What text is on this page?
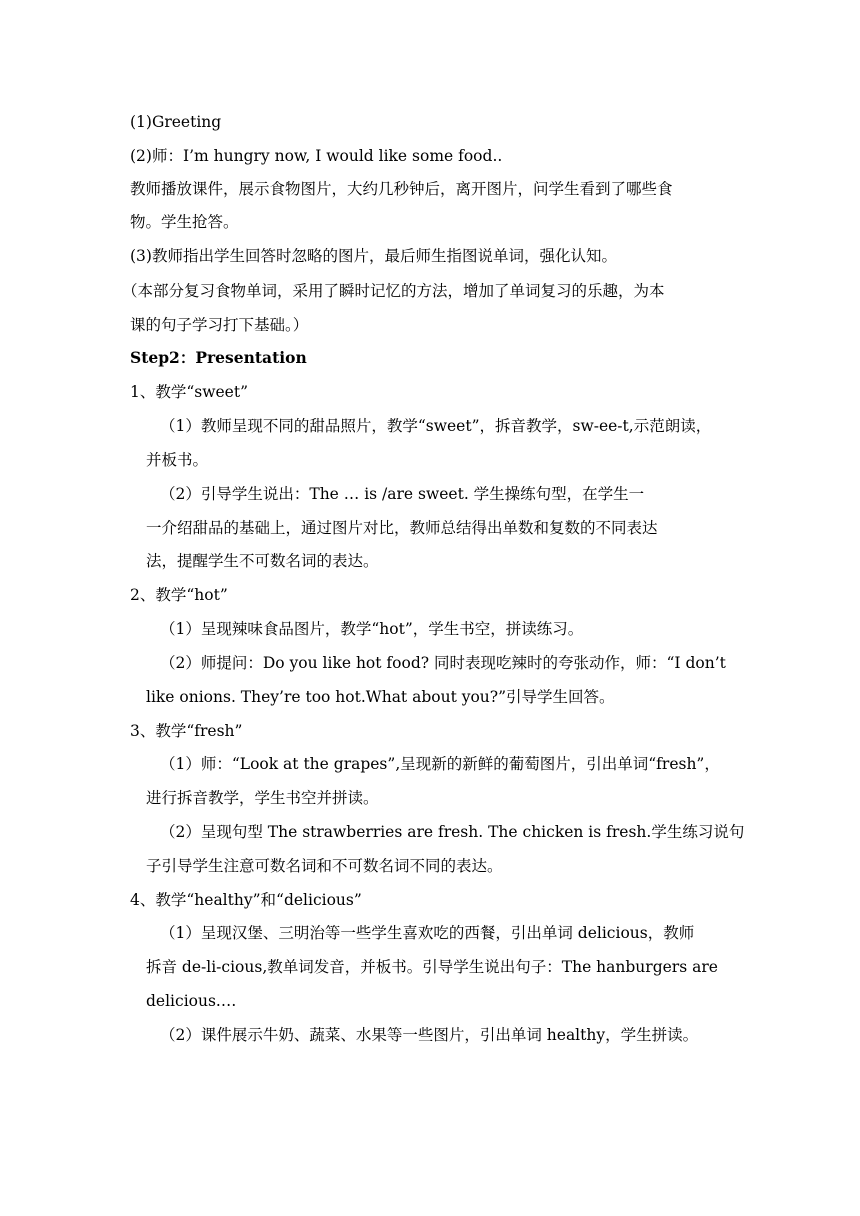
(1)Greeting
(2)师：I’m hungry now, I would like some food..
教师播放课件，展示食物图片，大约几秒钟后，离开图片，问学生看到了哪些食
物。学生抢答。
(3)教师指出学生回答时忽略的图片，最后师生指图说单词，强化认知。
（本部分复习食物单词，采用了瞬时记忆的方法，增加了单词复习的乐趣，为本
课的句子学习打下基础。）
Step2：Presentation
1、教学“sweet”
（1）教师呈现不同的甜品照片，教学“sweet”，拆音教学，sw-ee-t,示范朗读，
并板书。
（2）引导学生说出：The … is /are sweet. 学生操练句型，在学生一
一介绍甜品的基础上，通过图片对比，教师总结得出单数和复数的不同表达
法，提醒学生不可数名词的表达。
2、教学“hot”
（1）呈现辣味食品图片，教学“hot”，学生书空，拼读练习。
（2）师提问：Do you like hot food? 同时表现吃辣时的夸张动作，师：“I don’t
like onions. They’re too hot.What about you?”引导学生回答。
3、教学“fresh”
（1）师：“Look at the grapes”,呈现新的新鲜的葡萄图片，引出单词“fresh”，
进行拆音教学，学生书空并拼读。
（2）呈现句型 The strawberries are fresh. The chicken is fresh.学生练习说句
子引导学生注意可数名词和不可数名词不同的表达。
4、教学“healthy”和“delicious”
（1）呈现汉堡、三明治等一些学生喜欢吃的西餐，引出单词 delicious，教师
拆音 de-li-cious,教单词发音，并板书。引导学生说出句子：The hanburgers are
delicious.…
（2）课件展示牛奶、蔬菜、水果等一些图片，引出单词 healthy，学生拼读。
